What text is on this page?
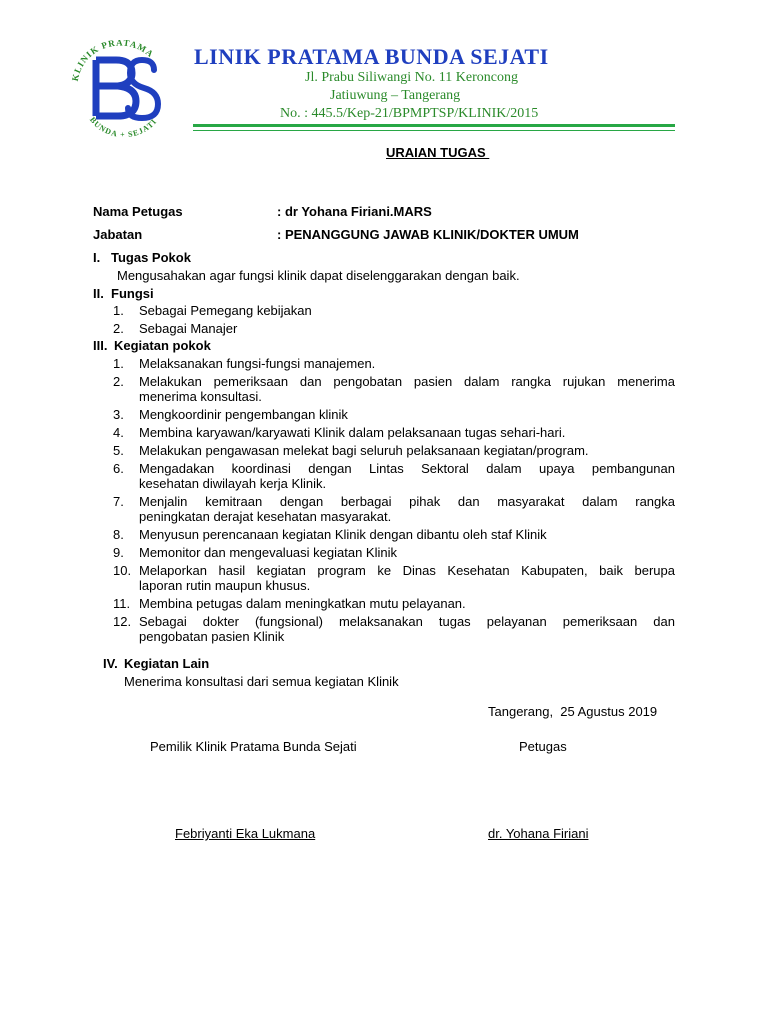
KLINIK PRATAMA
BUNDA + SEJATI
LINIK PRATAMA BUNDA SEJATI
Jl. Prabu Siliwangi No. 11 Keroncong
Jatiuwung – Tangerang
No. : 445.5/Kep-21/BPMPTSP/KLINIK/2015
URAIAN TUGAS
Nama Petugas	: dr Yohana Firiani.MARS
Jabatan	: PENANGGUNG JAWAB KLINIK/DOKTER UMUM
I. Tugas Pokok
Mengusahakan agar fungsi klinik dapat diselenggarakan dengan baik.
II. Fungsi
1. Sebagai Pemegang kebijakan
2. Sebagai Manajer
III. Kegiatan pokok
1. Melaksanakan fungsi-fungsi manajemen.
2. Melakukan pemeriksaan dan pengobatan pasien dalam rangka rujukan menerima
menerima konsultasi.
3. Mengkoordinir pengembangan klinik
4. Membina karyawan/karyawati Klinik dalam pelaksanaan tugas sehari-hari.
5. Melakukan pengawasan melekat bagi seluruh pelaksanaan kegiatan/program.
6. Mengadakan koordinasi dengan Lintas Sektoral dalam upaya pembangunan
kesehatan diwilayah kerja Klinik.
7. Menjalin kemitraan dengan berbagai pihak dan masyarakat dalam rangka
peningkatan derajat kesehatan masyarakat.
8. Menyusun perencanaan kegiatan Klinik dengan dibantu oleh staf Klinik
9. Memonitor dan mengevaluasi kegiatan Klinik
10. Melaporkan hasil kegiatan program ke Dinas Kesehatan Kabupaten, baik berupa
laporan rutin maupun khusus.
11. Membina petugas dalam meningkatkan mutu pelayanan.
12. Sebagai dokter (fungsional) melaksanakan tugas pelayanan pemeriksaan dan
pengobatan pasien Klinik
IV. Kegiatan Lain
Menerima konsultasi dari semua kegiatan Klinik
Tangerang,  25 Agustus 2019
Pemilik Klinik Pratama Bunda Sejati	Petugas
Febriyanti Eka Lukmana	dr. Yohana Firiani
